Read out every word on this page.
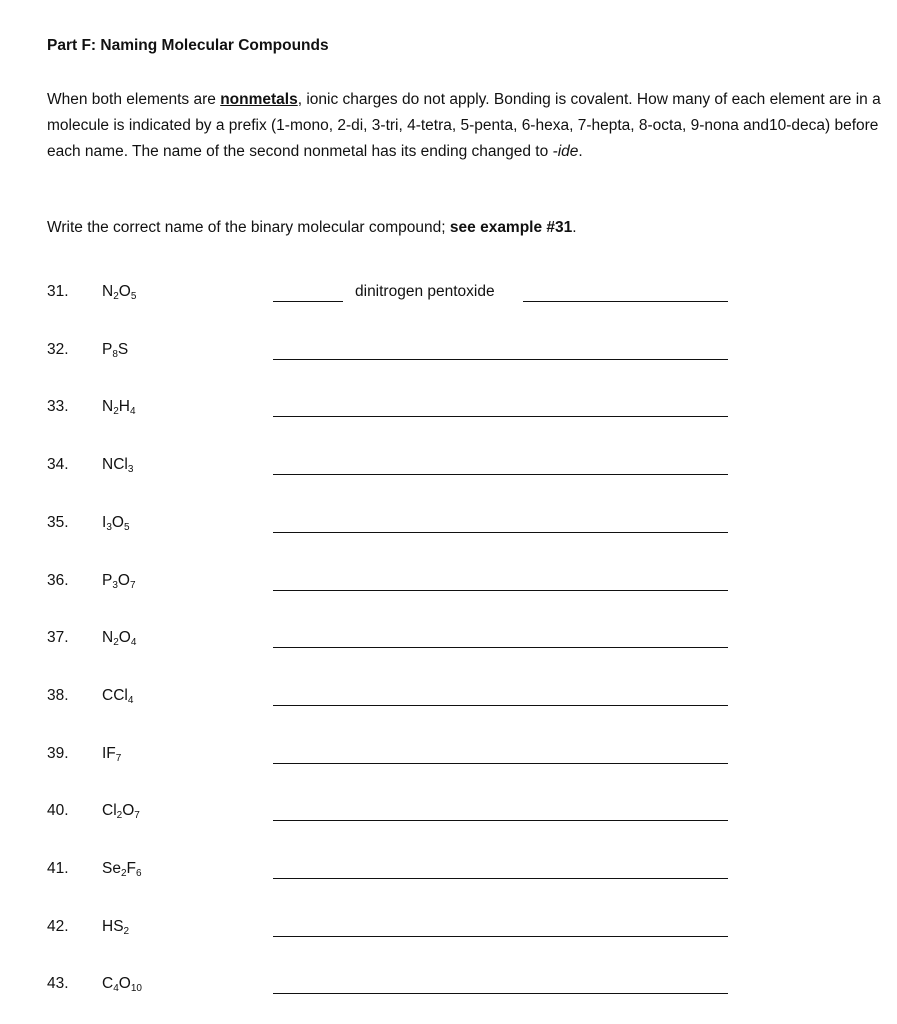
Part F: Naming Molecular Compounds

When both elements are nonmetals, ionic charges do not apply. Bonding is covalent. How many of each element are in a molecule is indicated by a prefix (1-mono, 2-di, 3-tri, 4-tetra, 5-penta, 6-hexa, 7-hepta, 8-octa, 9-nona and10-deca) before each name. The name of the second nonmetal has its ending changed to -ide.

Write the correct name of the binary molecular compound; see example #31.
31. $N_2O_5$	dinitrogen pentoxide
32. $P_8S$
33. $N_2H_4$
34. NCl$_3$
35. $I_3O_5$
36. $P_3O_7$
37. $N_2O_4$
38. CCl$_4$
39. $IF_7$
40. $Cl_2O_7$
41. $Se_2F_6$
42. $HS_2$
43. $C_4O_{10}$
